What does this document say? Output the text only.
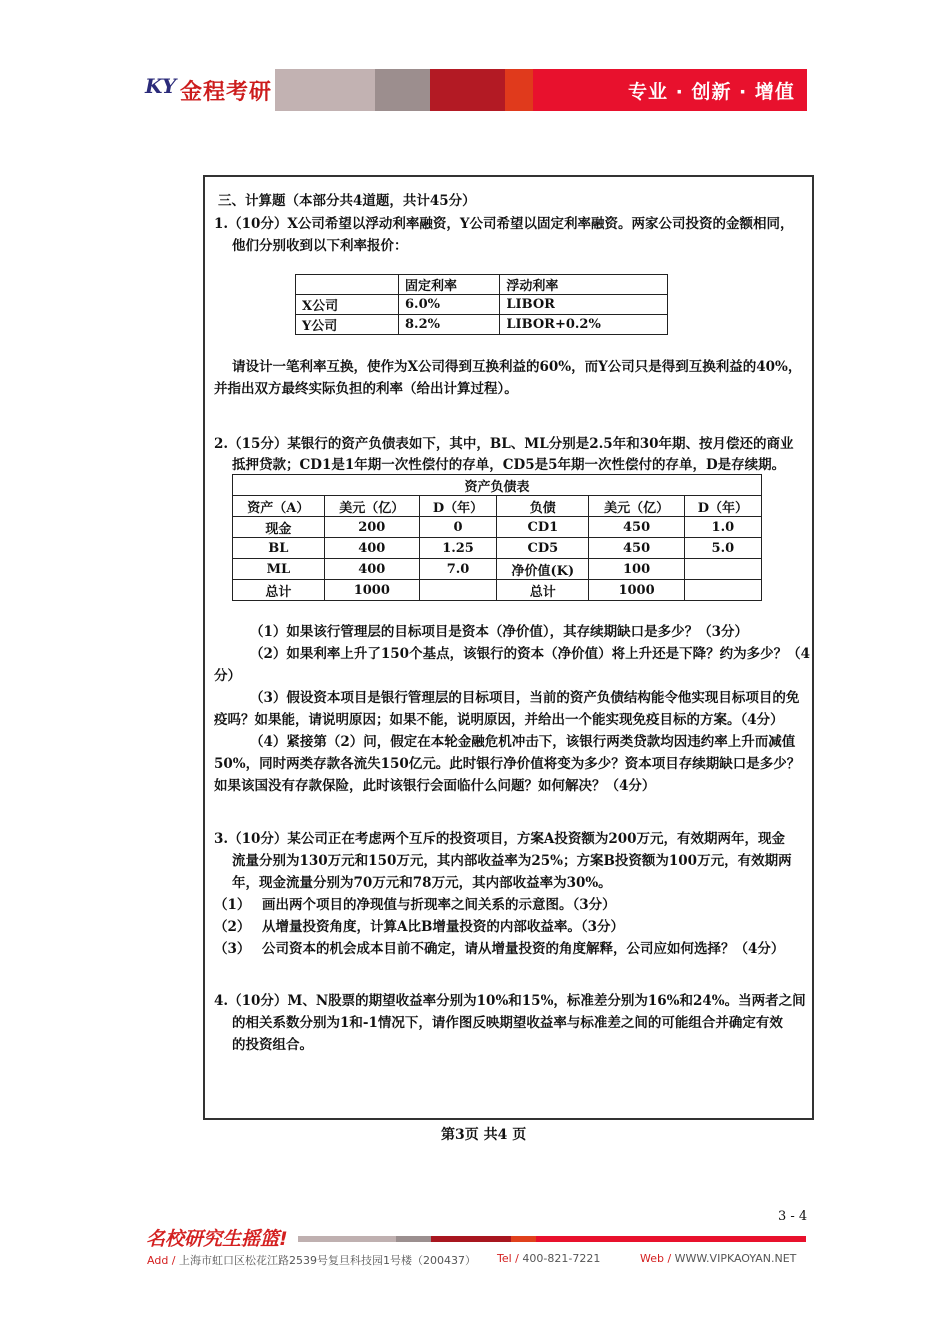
KY 金程考研	专业 · 创新 · 增值
三、计算题（本部分共4道题，共计45分）
1.（10分）X公司希望以浮动利率融资，Y公司希望以固定利率融资。两家公司投资的金额相同，
他们分别收到以下利率报价：
	固定利率	浮动利率
X公司	6.0%	LIBOR
Y公司	8.2%	LIBOR+0.2%
请设计一笔利率互换，使作为X公司得到互换利益的60%，而Y公司只是得到互换利益的40%，
并指出双方最终实际负担的利率（给出计算过程）。
2.（15分）某银行的资产负债表如下，其中，BL、ML分别是2.5年和30年期、按月偿还的商业
抵押贷款；CD1是1年期一次性偿付的存单，CD5是5年期一次性偿付的存单，D是存续期。
资产负债表					
资产（A）	美元（亿）	D（年）	负债	美元（亿）	D（年）
现金	200	0	CD1	450	1.0
BL	400	1.25	CD5	450	5.0
ML	400	7.0	净价值(K)	100	
总计	1000		总计	1000	
（1）如果该行管理层的目标项目是资本（净价值），其存续期缺口是多少？（3分）
（2）如果利率上升了150个基点，该银行的资本（净价值）将上升还是下降？约为多少？（4
分）
（3）假设资本项目是银行管理层的目标项目，当前的资产负债结构能令他实现目标项目的免
疫吗？如果能，请说明原因；如果不能，说明原因，并给出一个能实现免疫目标的方案。（4分）
（4）紧接第（2）问，假定在本轮金融危机冲击下，该银行两类贷款均因违约率上升而减值
50%，同时两类存款各流失150亿元。此时银行净价值将变为多少？资本项目存续期缺口是多少？
如果该国没有存款保险，此时该银行会面临什么问题？如何解决？（4分）
3.（10分）某公司正在考虑两个互斥的投资项目，方案A投资额为200万元，有效期两年，现金
流量分别为130万元和150万元，其内部收益率为25%；方案B投资额为100万元，有效期两
年，现金流量分别为70万元和78万元，其内部收益率为30%。
（1） 画出两个项目的净现值与折现率之间关系的示意图。（3分）
（2） 从增量投资角度，计算A比B增量投资的内部收益率。（3分）
（3） 公司资本的机会成本目前不确定，请从增量投资的角度解释，公司应如何选择？（4分）
4.（10分）M、N股票的期望收益率分别为10%和15%，标准差分别为16%和24%。当两者之间
的相关系数分别为1和-1情况下，请作图反映期望收益率与标准差之间的可能组合并确定有效
的投资组合。
第3页 共4 页
3 - 4
名校研究生摇篮!
Add / 上海市虹口区松花江路2539号复旦科技园1号楼（200437） Tel / 400-821-7221	Web / WWW.VIPKAOYAN.NET
